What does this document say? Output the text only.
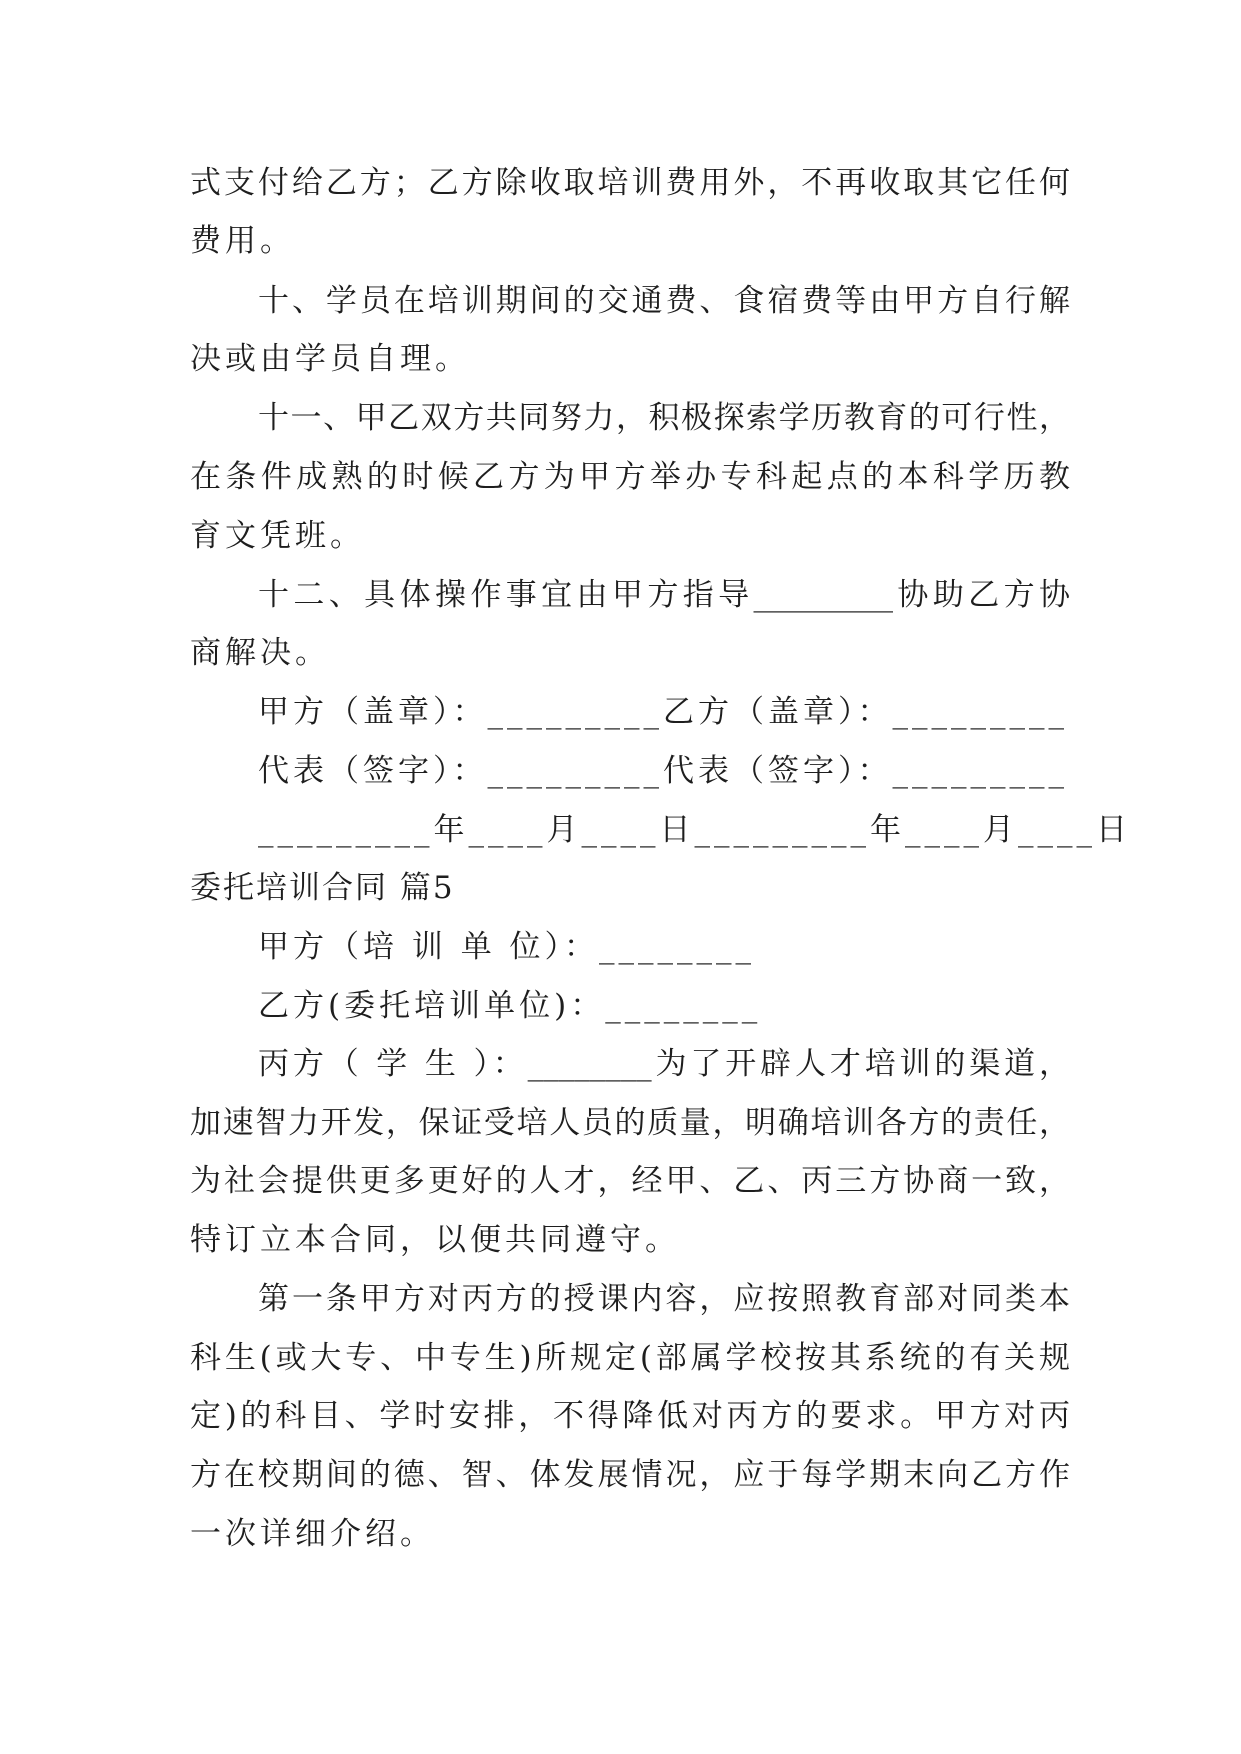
式支付给乙方；乙方除收取培训费用外，不再收取其它任何
费用。
十、学员在培训期间的交通费、食宿费等由甲方自行解
决或由学员自理。
十一、甲乙双方共同努力，积极探索学历教育的可行性，
在条件成熟的时候乙方为甲方举办专科起点的本科学历教
育文凭班。
十二、具体操作事宜由甲方指导_________协助乙方协
商解决。
甲方（盖章）：_________乙方（盖章）：_________
代表（签字）：_________代表（签字）：_________
_________年____月____日_________年____月____日
委托培训合同 篇5
甲方（培 训 单 位）：________
乙方(委托培训单位)：________
丙方（ 学 生 ）：________为了开辟人才培训的渠道，
加速智力开发，保证受培人员的质量，明确培训各方的责任，
为社会提供更多更好的人才，经甲、乙、丙三方协商一致，
特订立本合同，以便共同遵守。
第一条甲方对丙方的授课内容，应按照教育部对同类本
科生(或大专、中专生)所规定(部属学校按其系统的有关规
定)的科目、学时安排，不得降低对丙方的要求。甲方对丙
方在校期间的德、智、体发展情况，应于每学期末向乙方作
一次详细介绍。
